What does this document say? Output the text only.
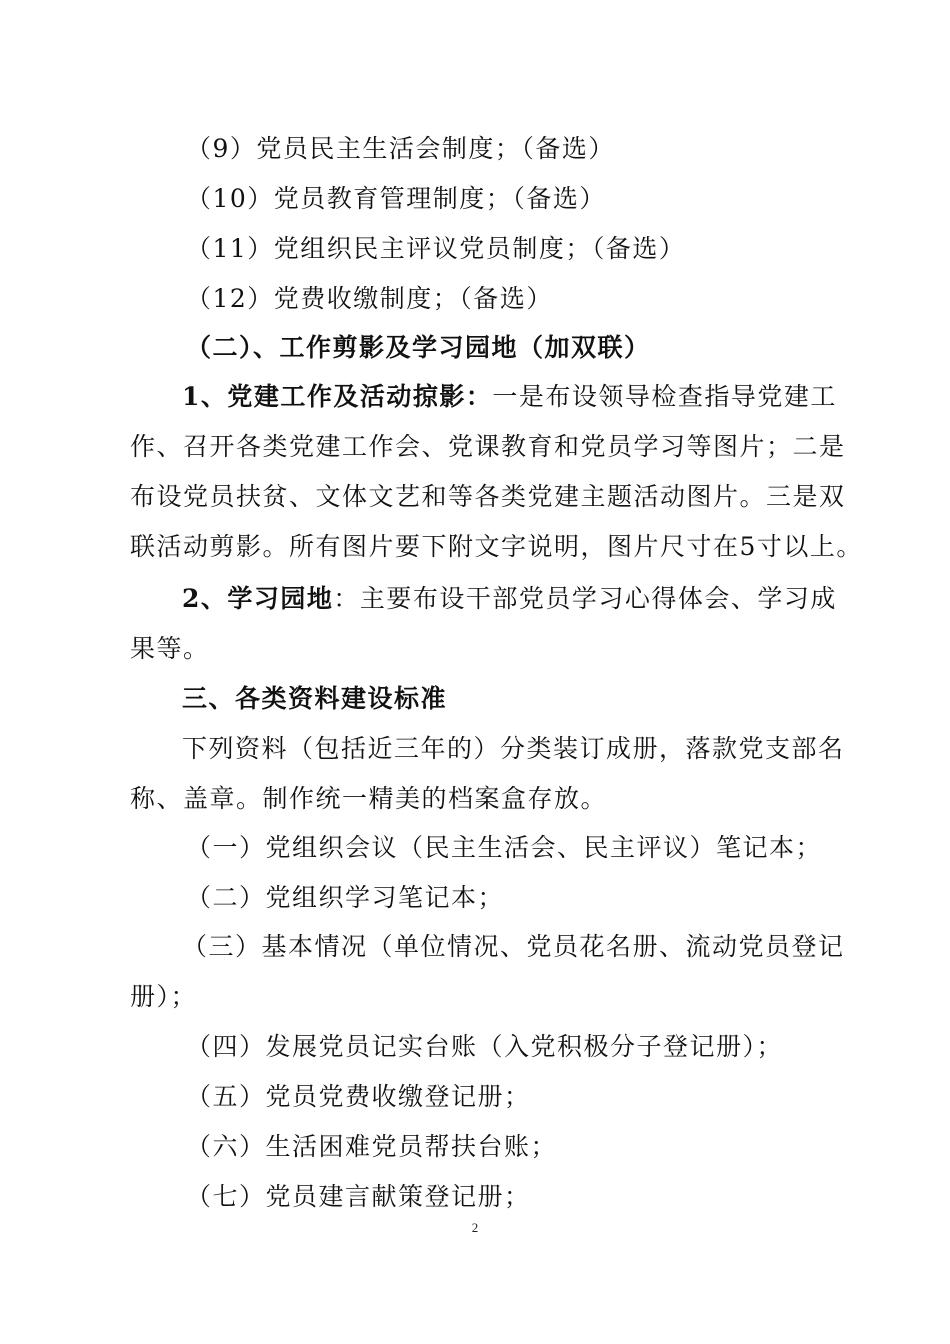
（9）党员民主生活会制度；（备选）
（10）党员教育管理制度；（备选）
（11）党组织民主评议党员制度；（备选）
（12）党费收缴制度；（备选）
（二）、工作剪影及学习园地（加双联）
1、党建工作及活动掠影：一是布设领导检查指导党建工
作、召开各类党建工作会、党课教育和党员学习等图片；二是
布设党员扶贫、文体文艺和等各类党建主题活动图片。三是双
联活动剪影。所有图片要下附文字说明，图片尺寸在5寸以上。
2、学习园地：主要布设干部党员学习心得体会、学习成
果等。
三、各类资料建设标准
下列资料（包括近三年的）分类装订成册，落款党支部名
称、盖章。制作统一精美的档案盒存放。
（一）党组织会议（民主生活会、民主评议）笔记本；
（二）党组织学习笔记本；
（三）基本情况（单位情况、党员花名册、流动党员登记
册）；
（四）发展党员记实台账（入党积极分子登记册）；
（五）党员党费收缴登记册；
（六）生活困难党员帮扶台账；
（七）党员建言献策登记册；
2
